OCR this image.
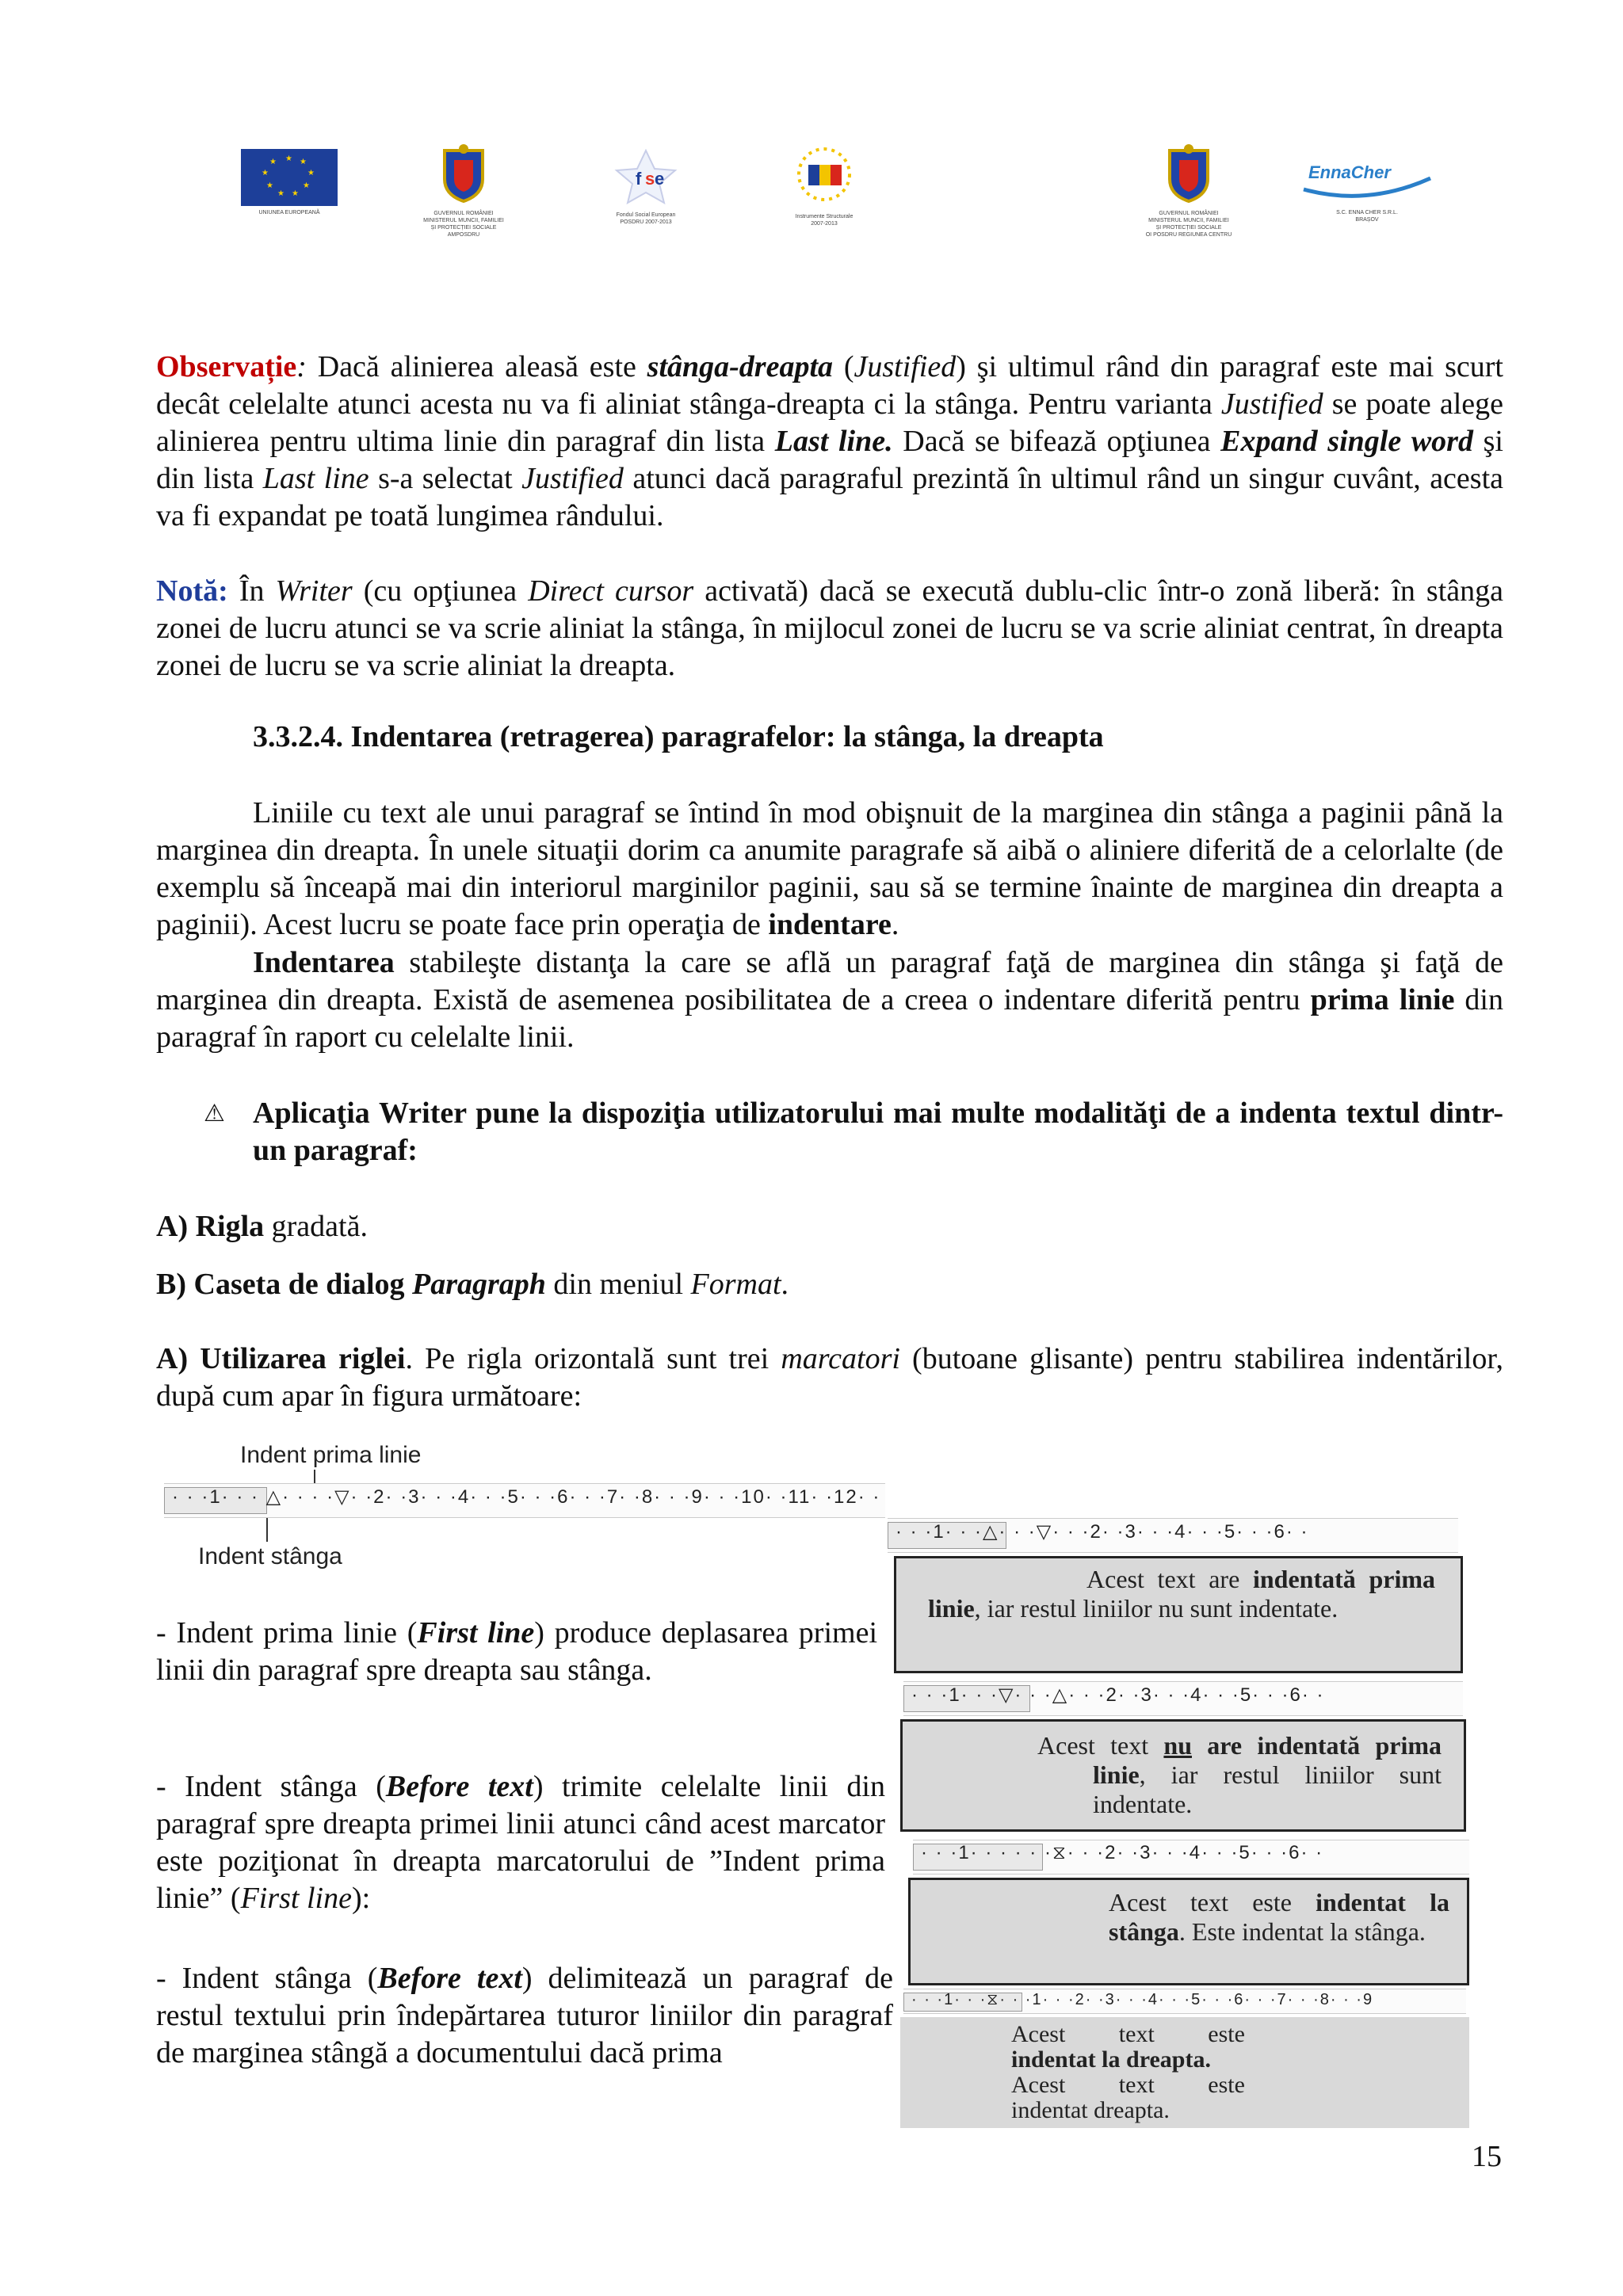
★ ★
★
★
★
★
★
★
★
UNIUNEA EUROPEANĂ	GUVERNUL ROMÂNIEI
MINISTERUL MUNCII, FAMILIEI
ȘI PROTECȚIEI SOCIALE
AMPOSDRU
f s e
Fondul Social European
POSDRU 2007-2013
Instrumente Structurale
2007-2013
GUVERNUL ROMÂNIEI
MINISTERUL MUNCII, FAMILIEI
ȘI PROTECȚIEI SOCIALE
OI POSDRU REGIUNEA CENTRU
EnnaCher
S.C. ENNA CHER S.R.L.
BRAȘOV
Observație: Dacă alinierea aleasă este stânga-dreapta (Justified) şi ultimul rând din paragraf este mai scurt decât celelalte atunci acesta nu va fi aliniat stânga-dreapta ci la stânga. Pentru varianta Justified se poate alege alinierea pentru ultima linie din paragraf din lista Last line. Dacă se bifează opţiunea Expand single word şi din lista Last line s-a selectat Justified atunci dacă paragraful prezintă în ultimul rând un singur cuvânt, acesta va fi expandat pe toată lungimea rândului.
Notă: În Writer (cu opţiunea Direct cursor activată) dacă se execută dublu-clic într-o zonă liberă: în stânga zonei de lucru atunci se va scrie aliniat la stânga, în mijlocul zonei de lucru se va scrie aliniat centrat, în dreapta zonei de lucru se va scrie aliniat la dreapta.
3.3.2.4. Indentarea (retragerea) paragrafelor: la stânga, la dreapta
Liniile cu text ale unui paragraf se întind în mod obişnuit de la marginea din stânga a paginii până la marginea din dreapta. În unele situaţii dorim ca anumite paragrafe să aibă o aliniere diferită de a celorlalte (de exemplu să înceapă mai din interiorul marginilor paginii, sau să se termine înainte de marginea din dreapta a paginii). Acest lucru se poate face prin operaţia de indentare.
Indentarea stabileşte distanţa la care se află un paragraf faţă de marginea din stânga şi faţă de marginea din dreapta. Există de asemenea posibilitatea de a creea o indentare diferită pentru prima linie din paragraf în raport cu celelalte linii.
⚠ Aplicaţia Writer pune la dispoziţia utilizatorului mai multe modalităţi de a indenta textul dintr-un paragraf:
A) Rigla gradată.
B) Caseta de dialog Paragraph din meniul Format.
A) Utilizarea riglei. Pe rigla orizontală sunt trei marcatori (butoane glisante) pentru stabilirea indentărilor, după cum apar în figura următoare:
Indent prima linie
· · ·1· · · △· · · ·▽· ·2· ·3· · ·4· · ·5· · ·6· · ·7· ·8· · ·9· · ·10· ·11· ·12· ·
Indent stânga
- Indent prima linie (First line) produce deplasarea primei linii din paragraf spre dreapta sau stânga.
- Indent stânga (Before text) trimite celelalte linii din paragraf spre dreapta primei linii atunci când acest marcator este poziţionat în dreapta marcatorului de ”Indent prima linie” (First line):
- Indent stânga (Before text) delimitează un paragraf de restul textului prin îndepărtarea tuturor liniilor din paragraf de marginea stângă a documentului dacă prima
· · ·1· · ·△· · ·▽· · ·2· ·3· · ·4· · ·5· · ·6· ·
Acest text are indentată prima linie, iar restul liniilor nu sunt indentate.
· · ·1· · ·▽· · ·△· · ·2· ·3· · ·4· · ·5· · ·6· ·
Acest text nu are indentată prima linie, iar restul liniilor sunt indentate.
· · ·1· · · · · ·⧖· · ·2· ·3· · ·4· · ·5· · ·6· ·
Acest text este indentat la stânga. Este indentat la stânga.
· · ·1· · ·⧖· · ·1· · ·2· ·3· · ·4· · ·5· · ·6· · ·7· · ·8· · ·9
Acest text este
indentat la dreapta.
Acest text este
indentat dreapta.
15
